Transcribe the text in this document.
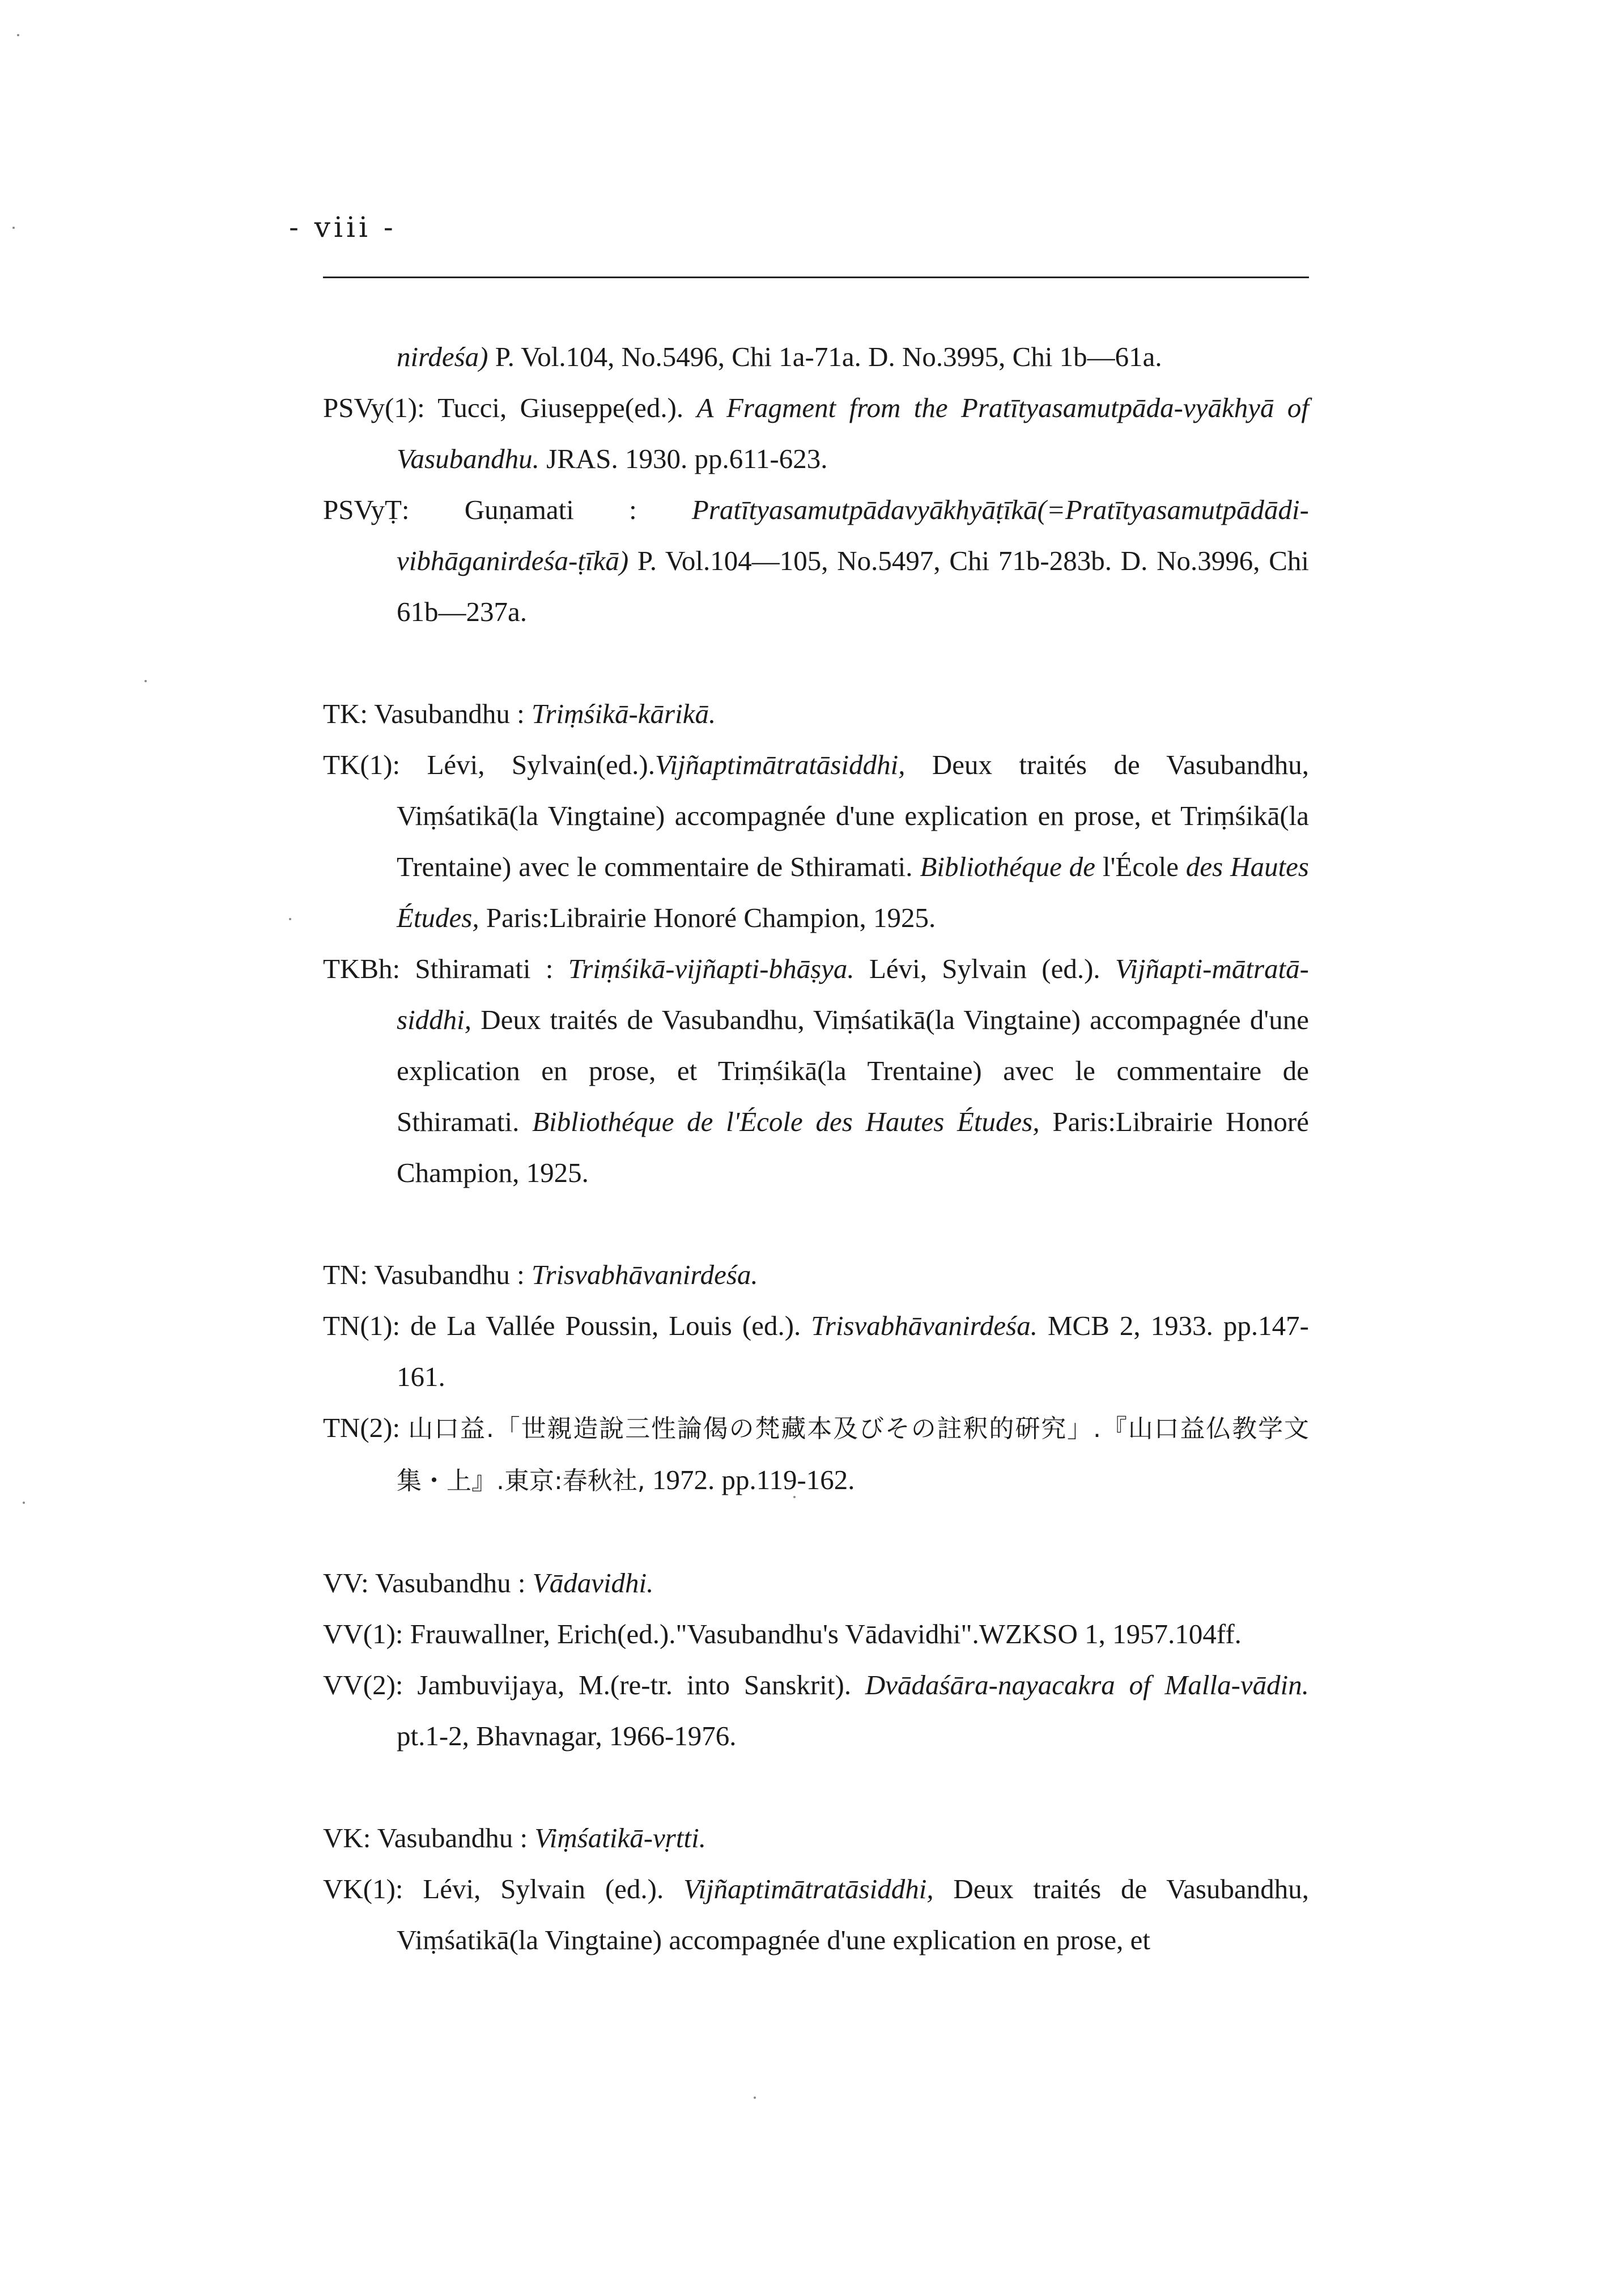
- viii -

nirdeśa) P. Vol.104, No.5496, Chi 1a-71a. D. No.3995, Chi 1b—61a.

PSVy(1): Tucci, Giuseppe(ed.). A Fragment from the Pratītyasamutpāda-vyākhyā of Vasubandhu. JRAS. 1930. pp.611-623.

PSVyṬ: Guṇamati : Pratītyasamutpādavyākhyāṭīkā(=Pratītyasamutpādādi-vibhāganirdeśa-ṭīkā) P. Vol.104—105, No.5497, Chi 71b-283b. D. No.3996, Chi 61b—237a.

TK: Vasubandhu : Triṃśikā-kārikā.

TK(1): Lévi, Sylvain(ed.).Vijñaptimātratāsiddhi, Deux traités de Vasubandhu, Viṃśatikā(la Vingtaine) accompagnée d'une explication en prose, et Triṃśikā(la Trentaine) avec le commentaire de Sthiramati. Bibliothéque de l'École des Hautes Études, Paris:Librairie Honoré Champion, 1925.

TKBh: Sthiramati : Triṃśikā-vijñapti-bhāṣya. Lévi, Sylvain (ed.). Vijñapti-mātratā-siddhi, Deux traités de Vasubandhu, Viṃśatikā(la Vingtaine) accompagnée d'une explication en prose, et Triṃśikā(la Trentaine) avec le commentaire de Sthiramati. Bibliothéque de l'École des Hautes Études, Paris:Librairie Honoré Champion, 1925.

TN: Vasubandhu : Trisvabhāvanirdeśa.

TN(1): de La Vallée Poussin, Louis (ed.). Trisvabhāvanirdeśa. MCB 2, 1933. pp.147-161.

TN(2): 山口益.「世親造說三性論偈の梵藏本及びその註釈的硏究」.『山口益仏教学文集・上』.東京:春秋社, 1972. pp.119-162.

VV: Vasubandhu : Vādavidhi.

VV(1): Frauwallner, Erich(ed.)."Vasubandhu's Vādavidhi".WZKSO 1, 1957.104ff.

VV(2): Jambuvijaya, M.(re-tr. into Sanskrit). Dvādaśāra-nayacakra of Malla-vādin. pt.1-2, Bhavnagar, 1966-1976.

VK: Vasubandhu : Viṃśatikā-vṛtti.

VK(1): Lévi, Sylvain (ed.). Vijñaptimātratāsiddhi, Deux traités de Vasubandhu, Viṃśatikā(la Vingtaine) accompagnée d'une explication en prose, et
